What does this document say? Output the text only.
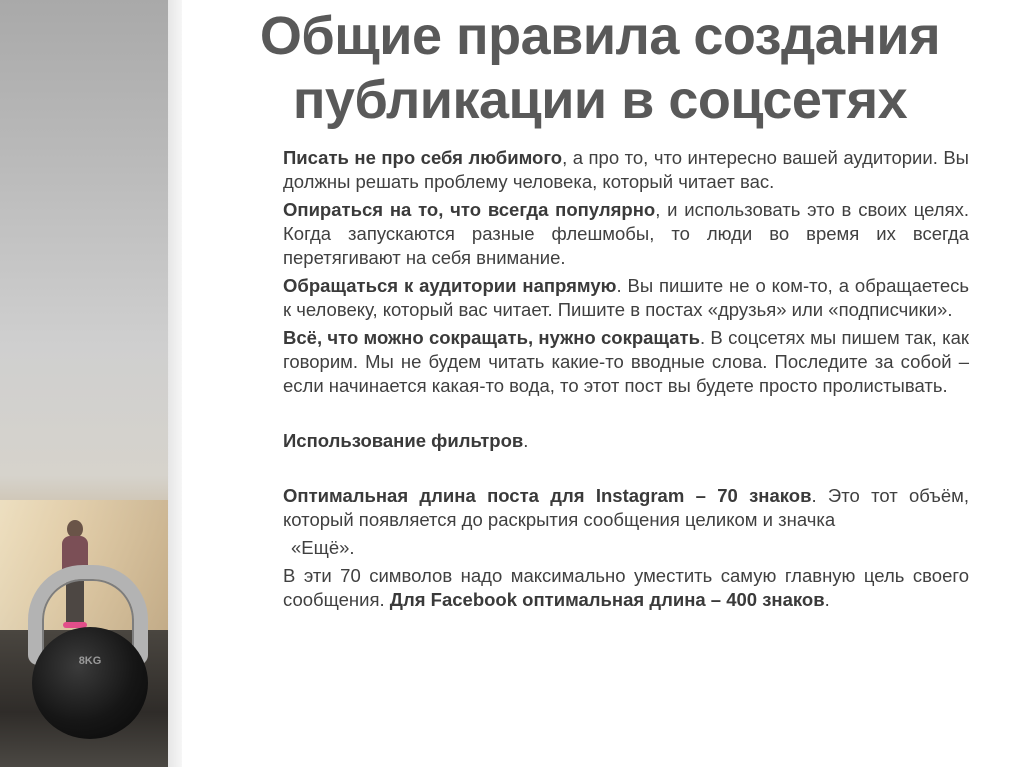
8KG
Общие правила создания
публикации в соцсетях

Писать не про себя любимого, а про то, что интересно вашей аудитории. Вы должны решать проблему человека, который читает вас.

Опираться на то, что всегда популярно, и использовать это в своих целях. Когда запускаются разные флешмобы, то люди во время их всегда перетягивают на себя внимание.

Обращаться к аудитории напрямую. Вы пишите не о ком-то, а обращаетесь к человеку, который вас читает. Пишите в постах «друзья» или «подписчики».

Всё, что можно сокращать, нужно сокращать. В соцсетях мы пишем так, как говорим. Мы не будем читать какие-то вводные слова. Последите за собой – если начинается какая-то вода, то этот пост вы будете просто пролистывать.

Использование фильтров.

Оптимальная длина поста для Instagram – 70 знаков. Это тот объём, который появляется до раскрытия сообщения целиком и значка

«Ещё».

В эти 70 символов надо максимально уместить самую главную цель своего сообщения. Для Facebook оптимальная длина – 400 знаков.
